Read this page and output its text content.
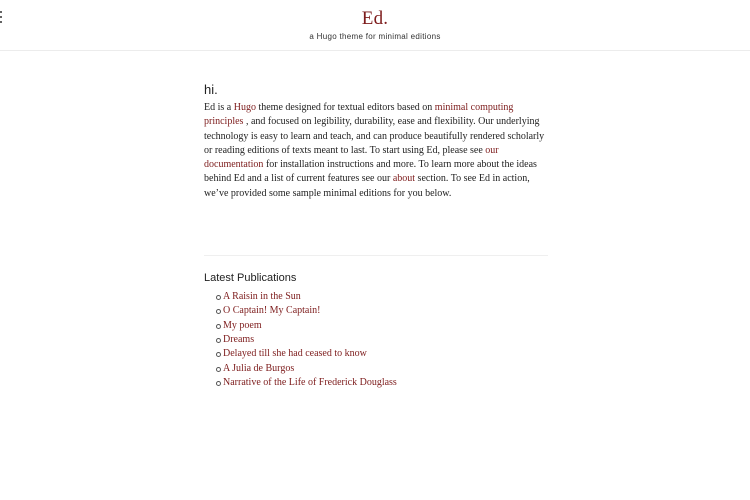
Ed.
a Hugo theme for minimal editions
hi.

Ed is a Hugo theme designed for textual editors based on minimal computing principles , and focused on legibility, durability, ease and flexibility. Our underlying technology is easy to learn and teach, and can produce beautifully rendered scholarly or reading editions of texts meant to last. To start using Ed, please see our documentation for installation instructions and more. To learn more about the ideas behind Ed and a list of current features see our about section. To see Ed in action, we’ve provided some sample minimal editions for you below.

Latest Publications
A Raisin in the Sun
O Captain! My Captain!
My poem
Dreams
Delayed till she had ceased to know
A Julia de Burgos
Narrative of the Life of Frederick Douglass
